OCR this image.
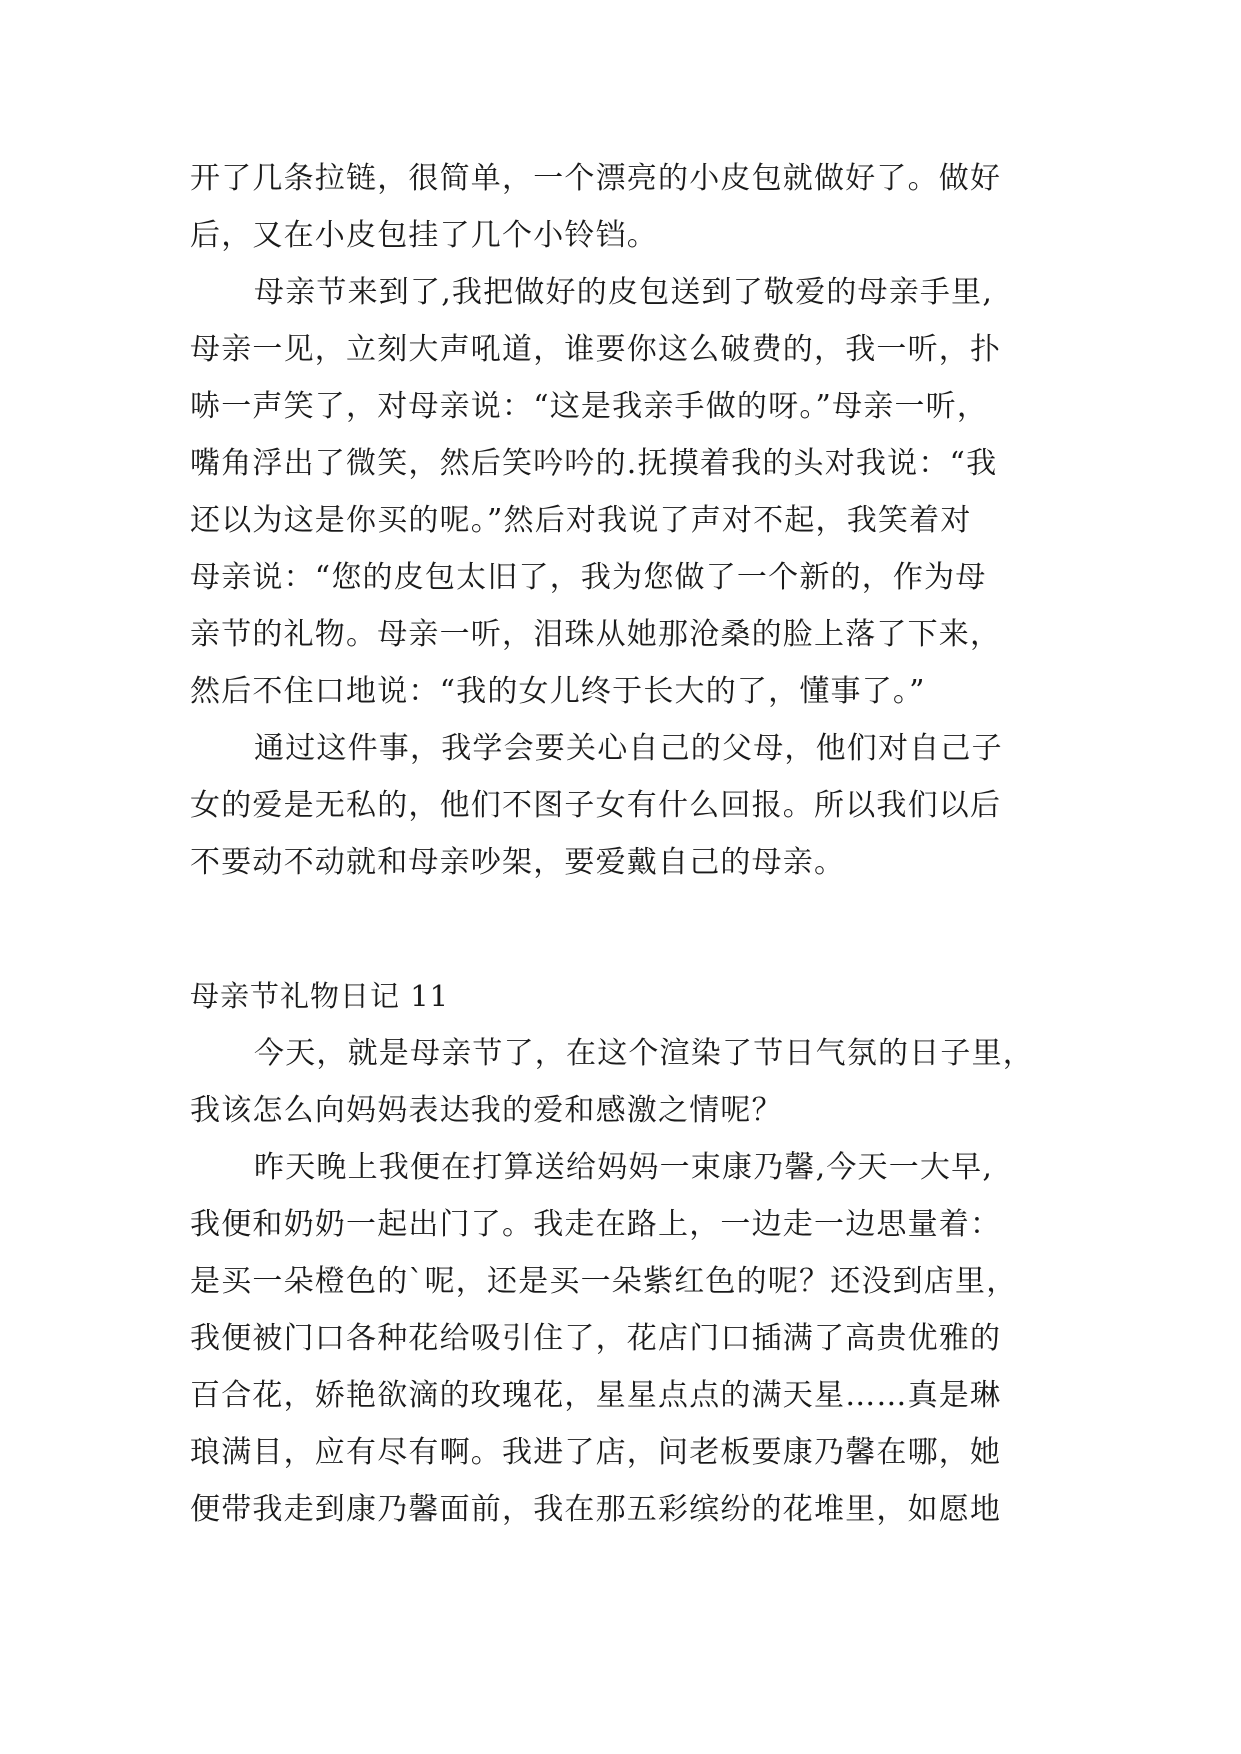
开了几条拉链，很简单，一个漂亮的小皮包就做好了。做好
后，又在小皮包挂了几个小铃铛。
母亲节来到了,我把做好的皮包送到了敬爱的母亲手里,
母亲一见，立刻大声吼道，谁要你这么破费的，我一听，扑
哧一声笑了，对母亲说：“这是我亲手做的呀。”母亲一听，
嘴角浮出了微笑，然后笑吟吟的.抚摸着我的头对我说：“我
还以为这是你买的呢。”然后对我说了声对不起，我笑着对
母亲说：“您的皮包太旧了，我为您做了一个新的，作为母
亲节的礼物。母亲一听，泪珠从她那沧桑的脸上落了下来，
然后不住口地说：“我的女儿终于长大的了，懂事了。”
通过这件事，我学会要关心自己的父母，他们对自己子
女的爱是无私的，他们不图子女有什么回报。所以我们以后
不要动不动就和母亲吵架，要爱戴自己的母亲。
母亲节礼物日记 11
今天，就是母亲节了，在这个渲染了节日气氛的日子里，
我该怎么向妈妈表达我的爱和感激之情呢？
昨天晚上我便在打算送给妈妈一束康乃馨,今天一大早,
我便和奶奶一起出门了。我走在路上，一边走一边思量着：
是买一朵橙色的`呢，还是买一朵紫红色的呢？还没到店里，
我便被门口各种花给吸引住了，花店门口插满了高贵优雅的
百合花，娇艳欲滴的玫瑰花，星星点点的满天星……真是琳
琅满目，应有尽有啊。我进了店，问老板要康乃馨在哪，她
便带我走到康乃馨面前，我在那五彩缤纷的花堆里，如愿地
